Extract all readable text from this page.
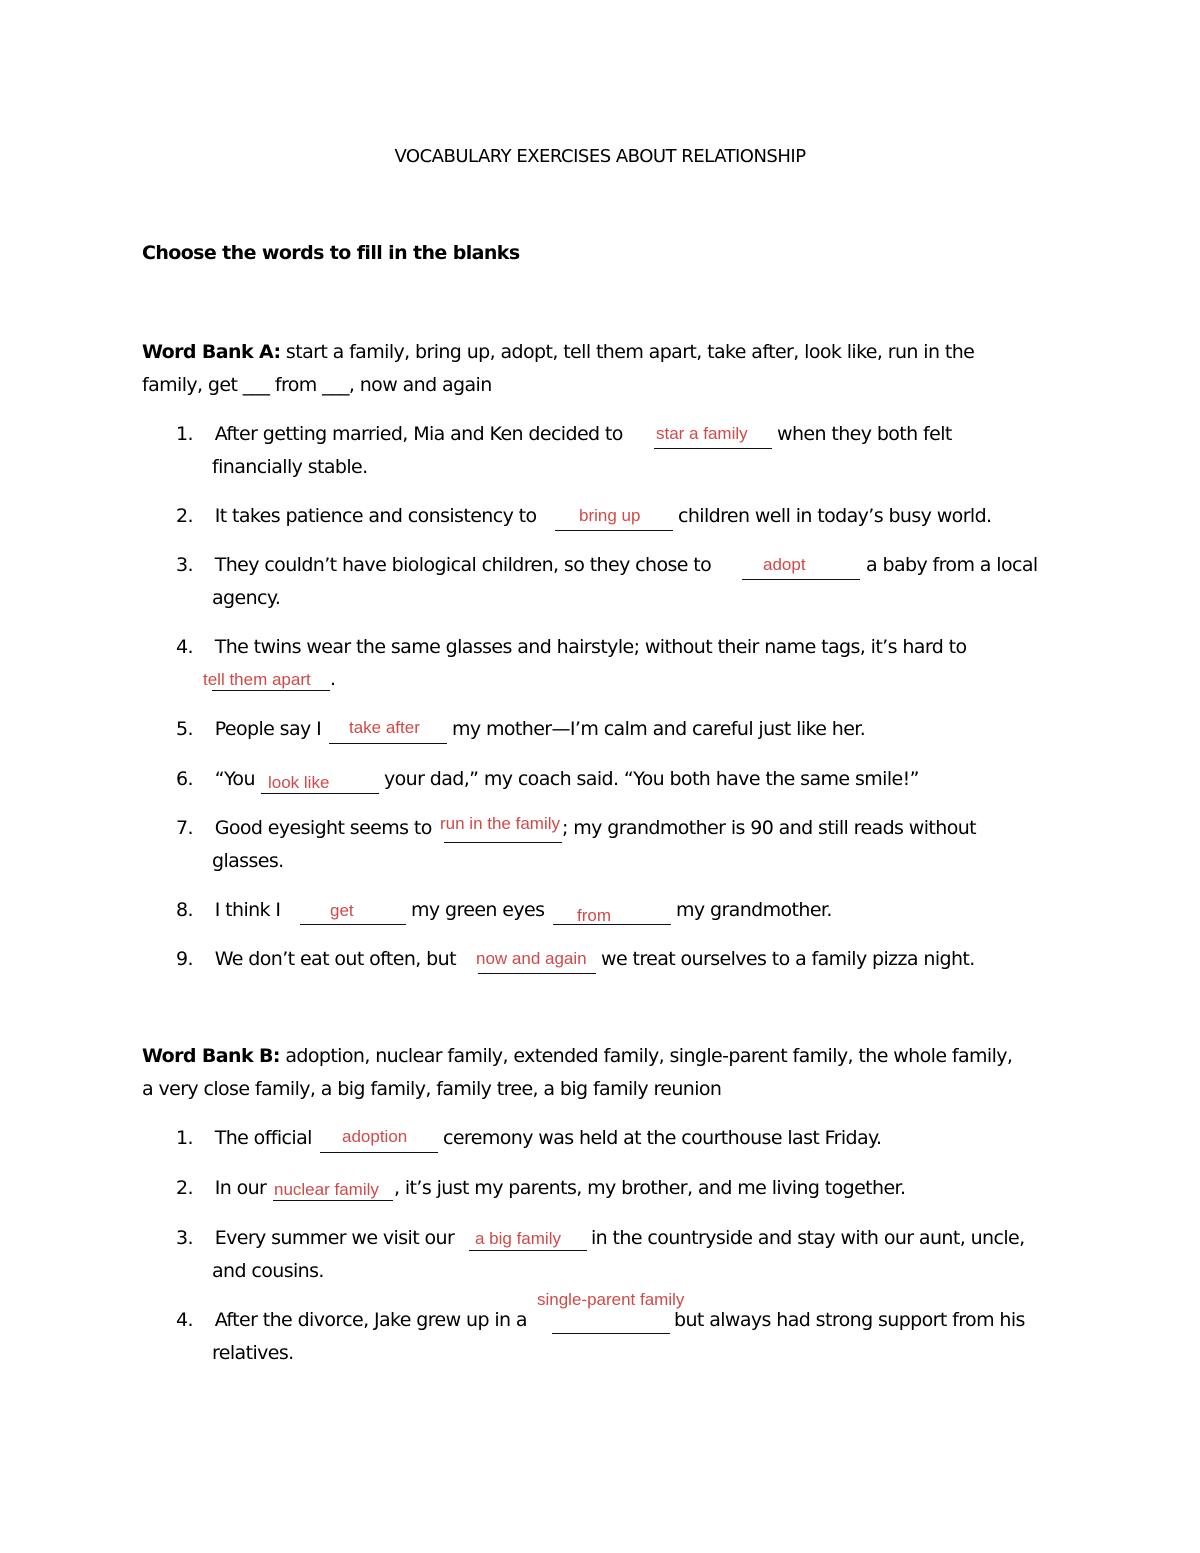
VOCABULARY EXERCISES ABOUT RELATIONSHIP
Choose the words to fill in the blanks
Word Bank A: start a family, bring up, adopt, tell them apart, take after, look like, run in the
family, get ___ from ___, now and again
1. After getting married, Mia and Ken decided to star a family when they both felt
financially stable.
2. It takes patience and consistency to bring up children well in today’s busy world.
3. They couldn’t have biological children, so they chose to	adopt	a baby from a local
agency.
4. The twins wear the same glasses and hairstyle; without their name tags, it’s hard to
tell them apart .
5. People say I take after my mother—I’m calm and careful just like her.
6. “You look like	your dad,” my coach said. “You both have the same smile!”
7. Good eyesight seems to run in the family ; my grandmother is 90 and still reads without
glasses.
8. I think I	get	my green eyes from	my grandmother.
9. We don’t eat out often, but now and again we treat ourselves to a family pizza night.
Word Bank B: adoption, nuclear family, extended family, single-parent family, the whole family,
a very close family, a big family, family tree, a big family reunion
1. The official adoption ceremony was held at the courthouse last Friday.
2. In our nuclear family , it’s just my parents, my brother, and me living together.
3. Every summer we visit our a big family in the countryside and stay with our aunt, uncle,
and cousins.
single-parent family
4. After the divorce, Jake grew up in a	but always had strong support from his
relatives.
